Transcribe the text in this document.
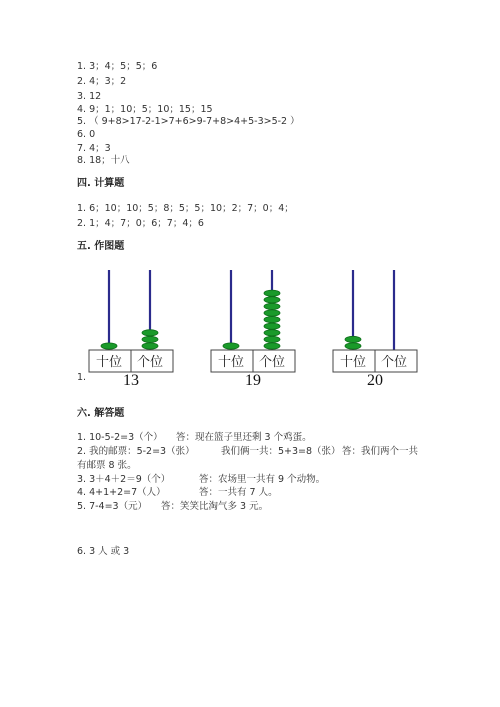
1. 3；4；5；5；6
2. 4；3；2
3. 12
4. 9；1；10；5；10；15；15
5. （ 9+8>17-2-1>7+6>9-7+8>4+5-3>5-2 ）
6. 0
7. 4；3
8. 18；十八
四. 计算题
1. 6；10；10；5；8；5；5；10；2；7；0；4；
2. 1；4；7；0；6；7；4；6
五. 作图题
1.
十位 个位
13
十位 个位
19
十位 个位
20
六. 解答题
1. 10-5-2=3（个） 答：现在篮子里还剩 3 个鸡蛋。
2. 我的邮票：5-2=3（张）	我们俩一共：5+3=8（张） 答：我们两个一共
有邮票 8 张。
3. 3＋4＋2＝9（个）	答：农场里一共有 9 个动物。
4. 4+1+2=7（人）	答：一共有 7 人。
5. 7-4=3（元） 答：笑笑比淘气多 3 元。
6. 3 人 或 3
